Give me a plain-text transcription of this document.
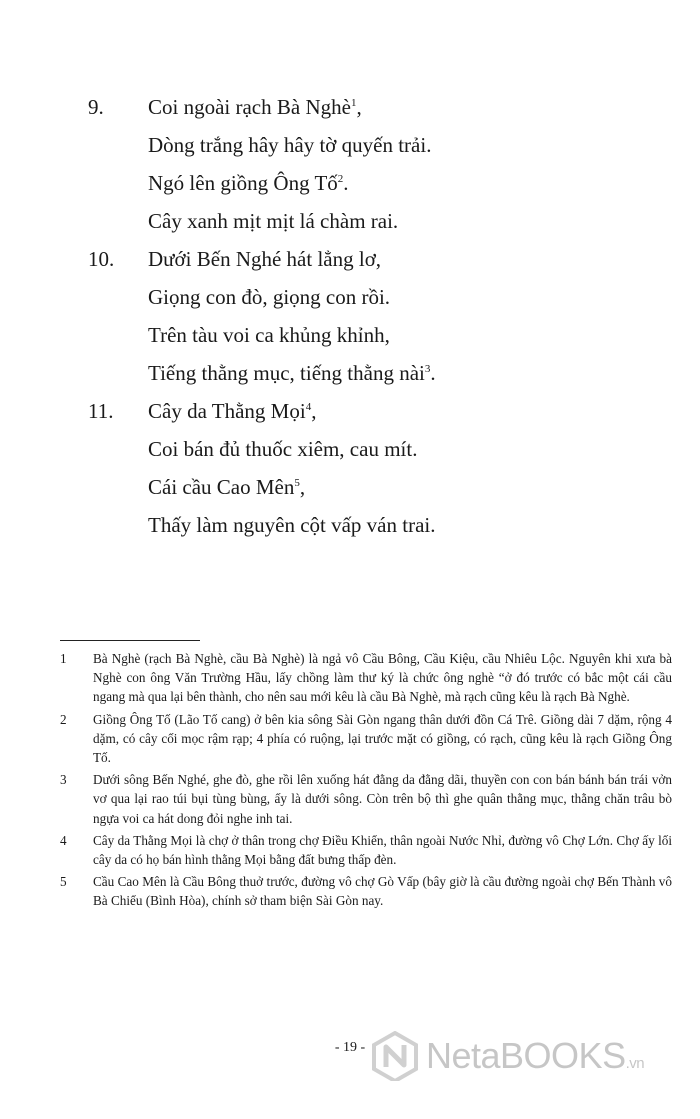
9. Coi ngoài rạch Bà Nghè$^1$,
Dòng trắng hây hây tờ quyến trải.
Ngó lên giồng Ông Tố$^2$.
Cây xanh mịt mịt lá chàm rai.
10. Dưới Bến Nghé hát lẳng lơ,
Giọng con đò, giọng con rồi.
Trên tàu voi ca khủng khỉnh,
Tiếng thằng mục, tiếng thằng nài$^3$.
11. Cây da Thằng Mọi$^4$,
Coi bán đủ thuốc xiêm, cau mít.
Cái cầu Cao Mên$^5$,
Thấy làm nguyên cột vấp ván trai.
1 Bà Nghè (rạch Bà Nghè, cầu Bà Nghè) là ngả vô Cầu Bông, Cầu Kiệu, cầu Nhiêu Lộc. Nguyên khi xưa bà Nghè con ông Văn Trường Hầu, lấy chồng làm thư ký là chức ông nghè “ở đó trước có bắc một cái cầu ngang mà qua lại bên thành, cho nên sau mới kêu là cầu Bà Nghè, mà rạch cũng kêu là rạch Bà Nghè.
2 Giồng Ông Tố (Lão Tố cang) ở bên kia sông Sài Gòn ngang thân dưới đồn Cá Trê. Giồng dài 7 dặm, rộng 4 dặm, có cây cối mọc rậm rạp; 4 phía có ruộng, lại trước mặt có giồng, có rạch, cũng kêu là rạch Giồng Ông Tố.
3 Dưới sông Bến Nghé, ghe đò, ghe rồi lên xuống hát đằng da đằng dãi, thuyền con con bán bánh bán trái vởn vơ qua lại rao túi bụi tùng bùng, ấy là dưới sông. Còn trên bộ thì ghe quân thằng mục, thằng chăn trâu bò ngựa voi ca hát dong đỏi nghe inh tai.
4 Cây da Thằng Mọi là chợ ở thân trong chợ Điều Khiển, thân ngoài Nước Nhỉ, đường vô Chợ Lớn. Chợ ấy lối cây da có họ bán hình thằng Mọi bằng đất bưng thấp đèn.
5 Cầu Cao Mên là Cầu Bông thuở trước, đường vô chợ Gò Vấp (bây giờ là cầu đường ngoài chợ Bến Thành vô Bà Chiểu (Bình Hòa), chính sở tham biện Sài Gòn nay.
- 19 -	NetaBOOKS.vn
